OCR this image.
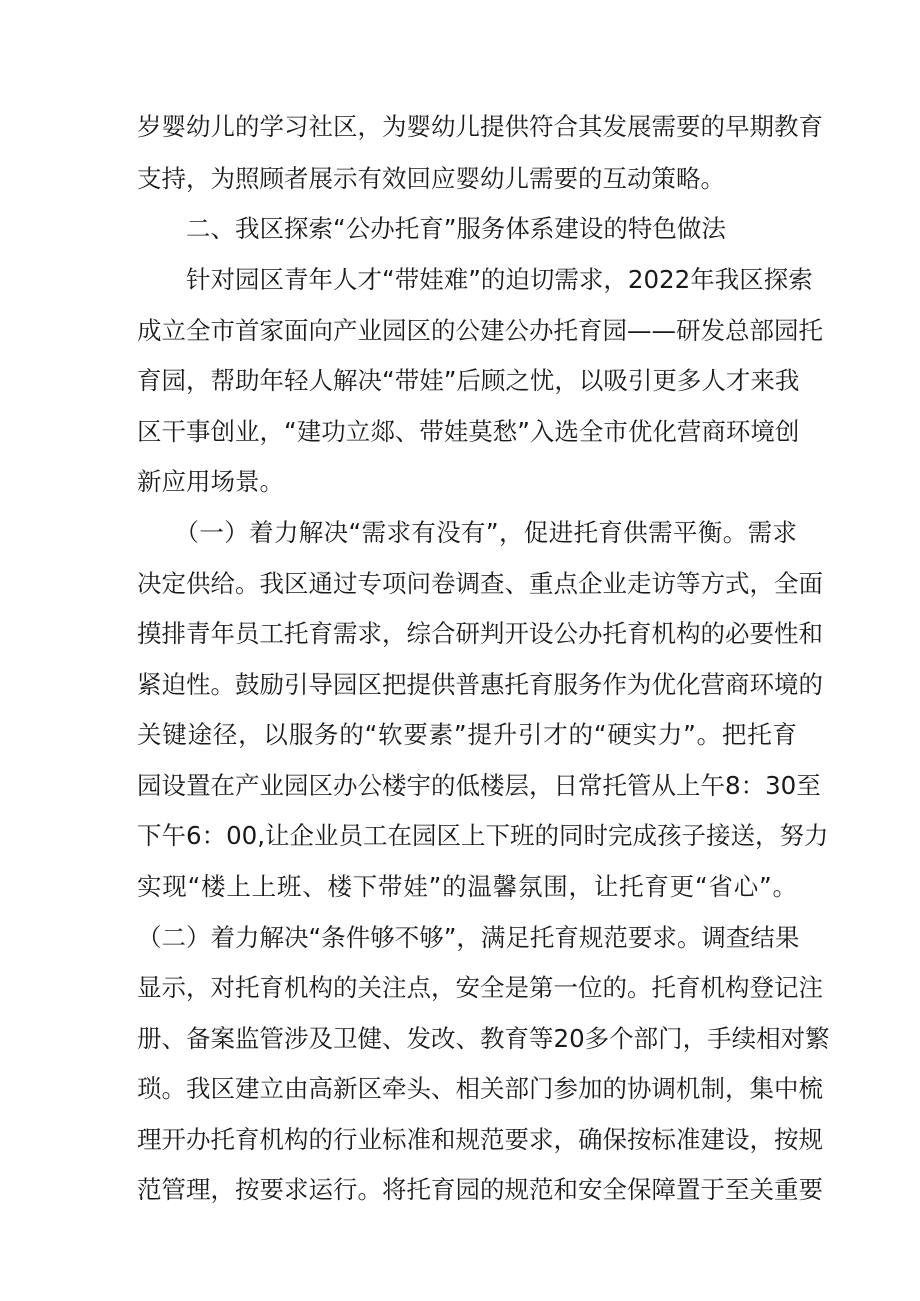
岁婴幼儿的学习社区，为婴幼儿提供符合其发展需要的早期教育

支持，为照顾者展示有效回应婴幼儿需要的互动策略。

　　二、我区探索“公办托育”服务体系建设的特色做法

　　针对园区青年人才“带娃难”的迫切需求，2022年我区探索

成立全市首家面向产业园区的公建公办托育园——研发总部园托

育园，帮助年轻人解决“带娃”后顾之忧，以吸引更多人才来我

区干事创业，“建功立郯、带娃莫愁”入选全市优化营商环境创

新应用场景。

　　（一）着力解决“需求有没有”，促进托育供需平衡。需求

决定供给。我区通过专项问卷调查、重点企业走访等方式，全面

摸排青年员工托育需求，综合研判开设公办托育机构的必要性和

紧迫性。鼓励引导园区把提供普惠托育服务作为优化营商环境的

关键途径，以服务的“软要素”提升引才的“硬实力”。把托育

园设置在产业园区办公楼宇的低楼层，日常托管从上午8：30至

下午6：00,让企业员工在园区上下班的同时完成孩子接送，努力

实现“楼上上班、楼下带娃”的温馨氛围，让托育更“省心”。

（二）着力解决“条件够不够”，满足托育规范要求。调查结果

显示，对托育机构的关注点，安全是第一位的。托育机构登记注

册、备案监管涉及卫健、发改、教育等20多个部门，手续相对繁

琐。我区建立由高新区牵头、相关部门参加的协调机制，集中梳

理开办托育机构的行业标准和规范要求，确保按标准建设，按规

范管理，按要求运行。将托育园的规范和安全保障置于至关重要
